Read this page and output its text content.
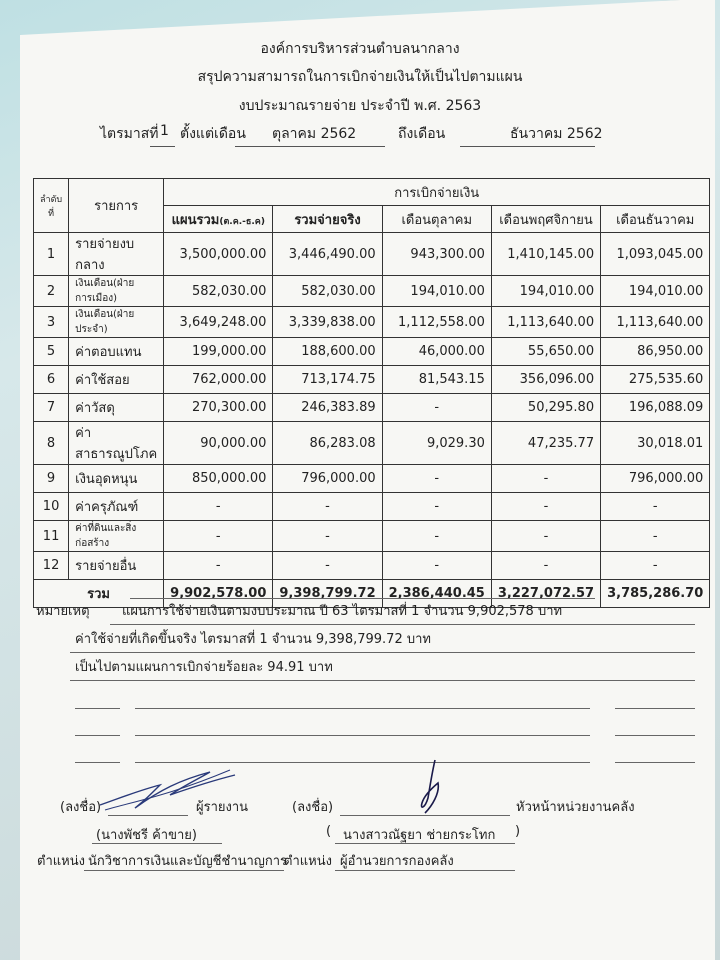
องค์การบริหารส่วนตำบลนากลาง
สรุปความสามารถในการเบิกจ่ายเงินให้เป็นไปตามแผน
งบประมาณรายจ่าย ประจำปี พ.ศ. 2563
ไตรมาสที่ 1 ตั้งแต่เดือน ตุลาคม 2562	ถึงเดือน	ธันวาคม 2562
ลำดับที่	รายการ	การเบิกจ่ายเงิน				
		แผนรวม(ต.ค.-ธ.ค)	รวมจ่ายจริง	เดือนตุลาคม	เดือนพฤศจิกายน	เดือนธันวาคม
1	รายจ่ายงบกลาง	3,500,000.00	3,446,490.00	943,300.00	1,410,145.00	1,093,045.00
2	เงินเดือน(ฝ่ายการเมือง)	582,030.00	582,030.00	194,010.00	194,010.00	194,010.00
3	เงินเดือน(ฝ่ายประจำ)	3,649,248.00	3,339,838.00	1,112,558.00	1,113,640.00	1,113,640.00
5	ค่าตอบแทน	199,000.00	188,600.00	46,000.00	55,650.00	86,950.00
6	ค่าใช้สอย	762,000.00	713,174.75	81,543.15	356,096.00	275,535.60
7	ค่าวัสดุ	270,300.00	246,383.89	-	50,295.80	196,088.09
8	ค่าสาธารณูปโภค	90,000.00	86,283.08	9,029.30	47,235.77	30,018.01
9	เงินอุดหนุน	850,000.00	796,000.00	-	-	796,000.00
10	ค่าครุภัณฑ์	-	-	-	-	-
11	ค่าที่ดินและสิ่งก่อสร้าง	-	-	-	-	-
12	รายจ่ายอื่น	-	-	-	-	-
รวม		9,902,578.00	9,398,799.72	2,386,440.45	3,227,072.57	3,785,286.70
หมายเหตุ แผนการใช้จ่ายเงินตามงบประมาณ ปี 63 ไตรมาสที่ 1 จำนวน 9,902,578 บาท
ค่าใช้จ่ายที่เกิดขึ้นจริง ไตรมาสที่ 1 จำนวน 9,398,799.72 บาท
เป็นไปตามแผนการเบิกจ่ายร้อยละ 94.91 บาท
(ลงชื่อ)	ผู้รายงาน	(ลงชื่อ)	หัวหน้าหน่วยงานคลัง
(นางพัชรี ค้าขาย)	( นางสาวณัฐยา ช่ายกระโทก )
ตำแหน่ง นักวิชาการเงินและบัญชีชำนาญการ
ตำแหน่ง ผู้อำนวยการกองคลัง
